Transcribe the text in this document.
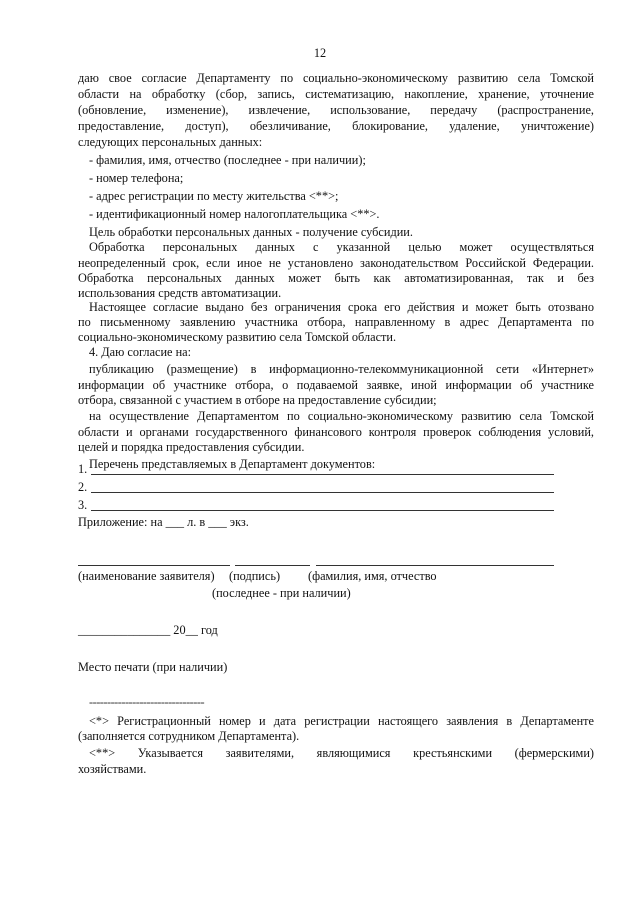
12
даю свое согласие Департаменту по социально-экономическому развитию села Томской
области на обработку (сбор, запись, систематизацию, накопление, хранение, уточнение
(обновление, изменение), извлечение, использование, передачу (распространение,
предоставление, доступ), обезличивание, блокирование, удаление, уничтожение)
следующих персональных данных:
- фамилия, имя, отчество (последнее - при наличии);
- номер телефона;
- адрес регистрации по месту жительства <**>;
- идентификационный номер налогоплательщика <**>.
Цель обработки персональных данных - получение субсидии.
Обработка персональных данных с указанной целью может осуществляться
неопределенный срок, если иное не установлено законодательством Российской Федерации.
Обработка персональных данных может быть как автоматизированная, так и без
использования средств автоматизации.
Настоящее согласие выдано без ограничения срока его действия и может быть отозвано
по письменному заявлению участника отбора, направленному в адрес Департамента по
социально-экономическому развитию села Томской области.
4. Даю согласие на:
публикацию (размещение) в информационно-телекоммуникационной сети «Интернет»
информации об участнике отбора, о подаваемой заявке, иной информации об участнике
отбора, связанной с участием в отборе на предоставление субсидии;
на осуществление Департаментом по социально-экономическому развитию села Томской
области и органами государственного финансового контроля проверок соблюдения условий,
целей и порядка предоставления субсидии.
Перечень представляемых в Департамент документов:
1.
2.
3.
Приложение: на ___ л. в ___ экз.
(наименование заявителя) (подпись) (фамилия, имя, отчество
(последнее - при наличии)
_______________ 20__ год
Место печати (при наличии)
--------------------------------
<*> Регистрационный номер и дата регистрации настоящего заявления в Департаменте
(заполняется сотрудником Департамента).
<**> Указывается заявителями, являющимися крестьянскими (фермерскими)
хозяйствами.
